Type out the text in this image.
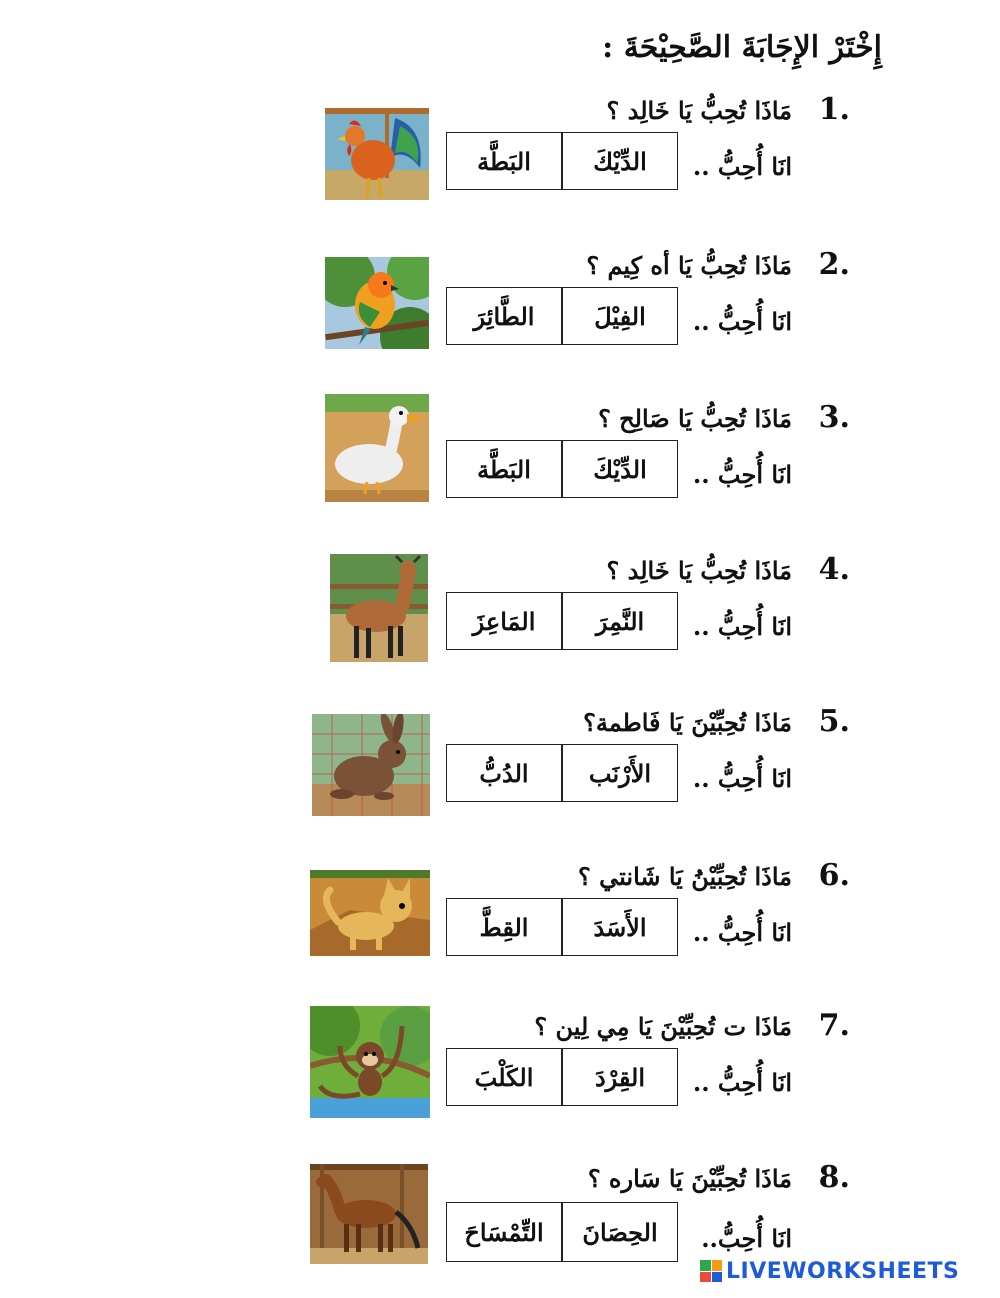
إِخْتَرْ الإِجَابَةَ الصَّحِيْحَةَ :
1.
مَاذَا تُحِبُّ يَا خَالِد ؟
انَا أُحِبُّ ..
الدِّيْكَ
البَطَّة
2.
مَاذَا تُحِبُّ يَا أه كِيم ؟
انَا أُحِبُّ ..
الفِيْلَ
الطَّائِرَ
3.
مَاذَا تُحِبُّ يَا صَالِح ؟
انَا أُحِبُّ ..
الدِّيْكَ
البَطَّة
4.
مَاذَا تُحِبُّ يَا خَالِد ؟
انَا أُحِبُّ ..
النَّمِرَ
المَاعِزَ
5.
مَاذَا تُحِبِّيْنَ يَا فَاطمة؟
انَا أُحِبُّ ..
الأَرْنَب
الدُبُّ
6.
مَاذَا تُحِبِّيْنَُ يَا شَانتي ؟
انَا أُحِبُّ ..
الأَسَدَ
القِطَّ
7.
مَاذَا ت تُحِبِّيْنَ يَا مِي لِين ؟
انَا أُحِبُّ ..
القِرْدَ
الكَلْبَ
8.
مَاذَا تُحِبِّيْنَ يَا سَاره ؟
انَا أُحِبُّ..
الحِصَانَ
التِّمْسَاحَ
LIVEWORKSHEETS
